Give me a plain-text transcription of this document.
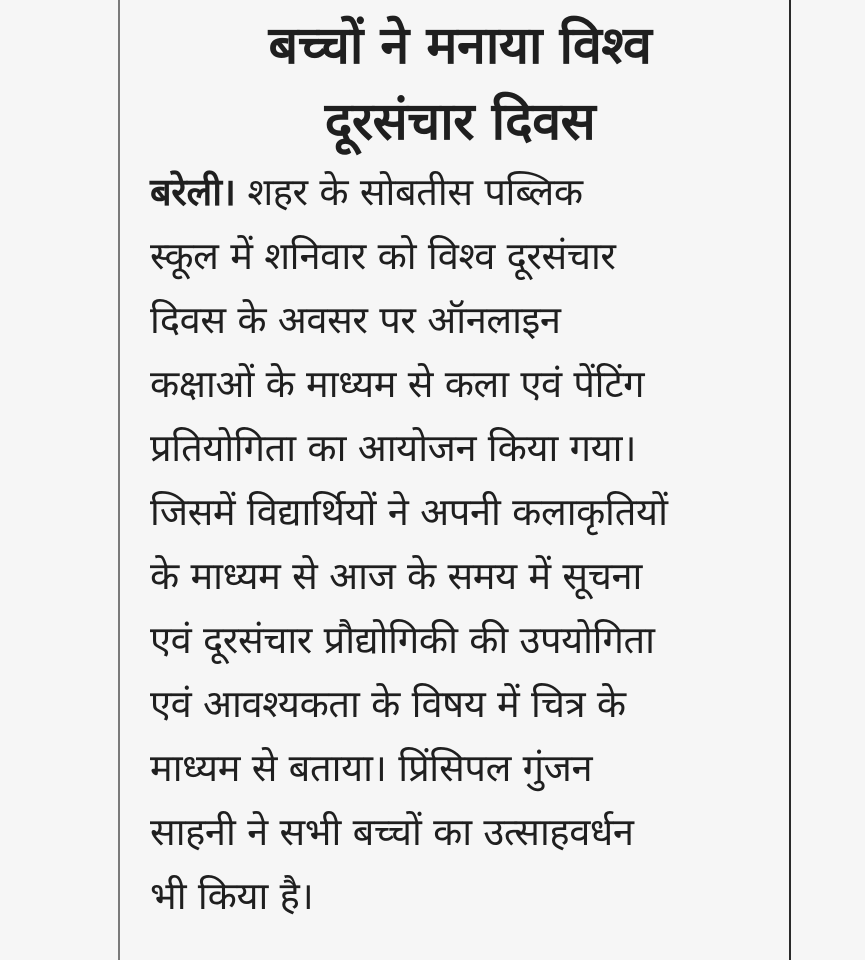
बच्चों ने मनाया विश्व
दूरसंचार दिवस

बरेली। शहर के सोबतीस पब्लिक
स्कूल में शनिवार को विश्व दूरसंचार
दिवस के अवसर पर ऑनलाइन
कक्षाओं के माध्यम से कला एवं पेंटिंग
प्रतियोगिता का आयोजन किया गया।
जिसमें विद्यार्थियों ने अपनी कलाकृतियों
के माध्यम से आज के समय में सूचना
एवं दूरसंचार प्रौद्योगिकी की उपयोगिता
एवं आवश्यकता के विषय में चित्र के
माध्यम से बताया। प्रिंसिपल गुंजन
साहनी ने सभी बच्चों का उत्साहवर्धन
भी किया है।
